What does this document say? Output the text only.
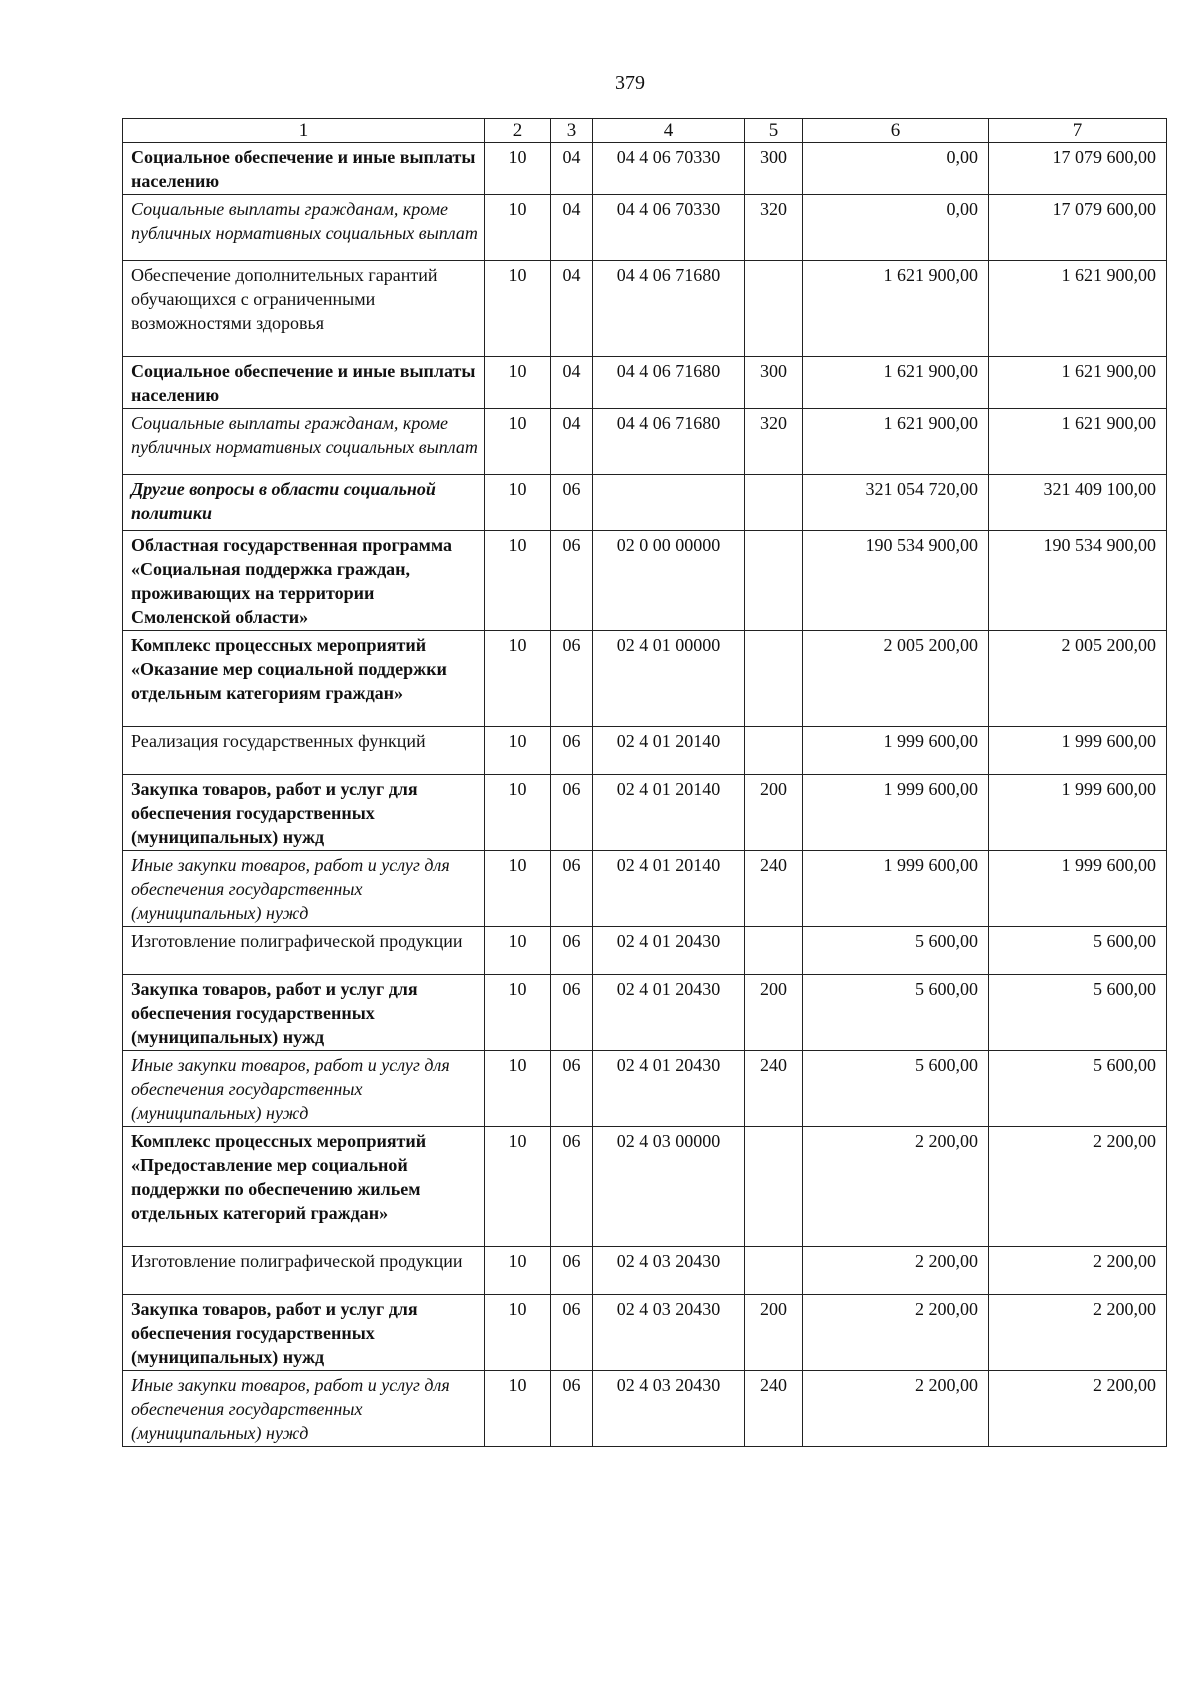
379
1	2	3	4	5	6	7
Социальное обеспечение и иные выплаты населению	10	04	04 4 06 70330	300	0,00	17 079 600,00
Социальные выплаты гражданам, кроме публичных нормативных социальных выплат	10	04	04 4 06 70330	320	0,00	17 079 600,00
Обеспечение дополнительных гарантий обучающихся с ограниченными возможностями здоровья	10	04	04 4 06 71680		1 621 900,00	1 621 900,00
Социальное обеспечение и иные выплаты населению	10	04	04 4 06 71680	300	1 621 900,00	1 621 900,00
Социальные выплаты гражданам, кроме публичных нормативных социальных выплат	10	04	04 4 06 71680	320	1 621 900,00	1 621 900,00
Другие вопросы в области социальной политики	10	06			321 054 720,00	321 409 100,00
Областная государственная программа «Социальная поддержка граждан, проживающих на территории Смоленской области»	10	06	02 0 00 00000		190 534 900,00	190 534 900,00
Комплекс процессных мероприятий «Оказание мер социальной поддержки отдельным категориям граждан»	10	06	02 4 01 00000		2 005 200,00	2 005 200,00
Реализация государственных функций	10	06	02 4 01 20140		1 999 600,00	1 999 600,00
Закупка товаров, работ и услуг для обеспечения государственных (муниципальных) нужд	10	06	02 4 01 20140	200	1 999 600,00	1 999 600,00
Иные закупки товаров, работ и услуг для обеспечения государственных (муниципальных) нужд	10	06	02 4 01 20140	240	1 999 600,00	1 999 600,00
Изготовление полиграфической продукции	10	06	02 4 01 20430		5 600,00	5 600,00
Закупка товаров, работ и услуг для обеспечения государственных (муниципальных) нужд	10	06	02 4 01 20430	200	5 600,00	5 600,00
Иные закупки товаров, работ и услуг для обеспечения государственных (муниципальных) нужд	10	06	02 4 01 20430	240	5 600,00	5 600,00
Комплекс процессных мероприятий «Предоставление мер социальной поддержки по обеспечению жильем отдельных категорий граждан»	10	06	02 4 03 00000		2 200,00	2 200,00
Изготовление полиграфической продукции	10	06	02 4 03 20430		2 200,00	2 200,00
Закупка товаров, работ и услуг для обеспечения государственных (муниципальных) нужд	10	06	02 4 03 20430	200	2 200,00	2 200,00
Иные закупки товаров, работ и услуг для обеспечения государственных (муниципальных) нужд	10	06	02 4 03 20430	240	2 200,00	2 200,00
